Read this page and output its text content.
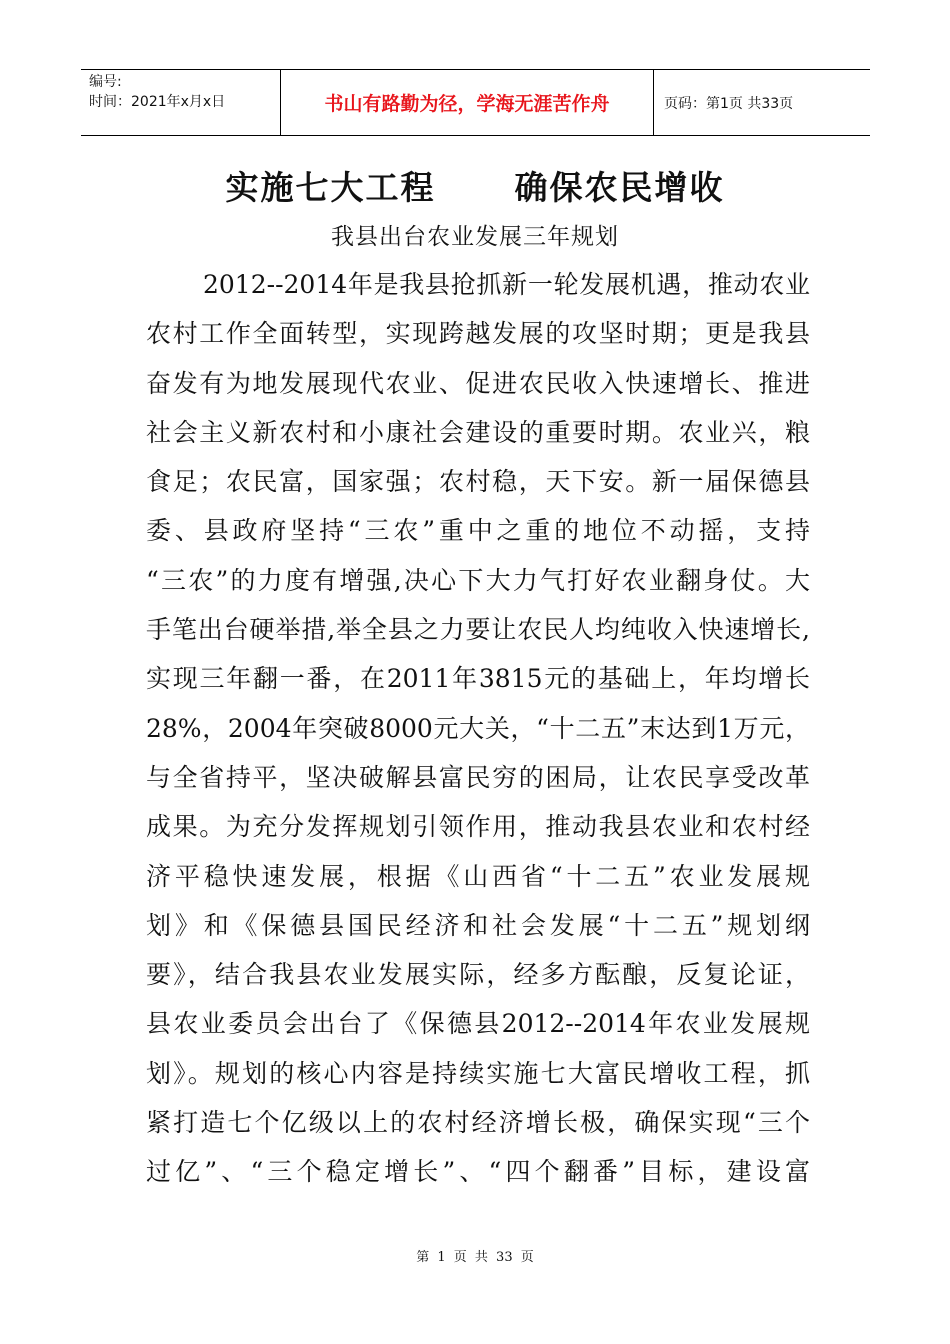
编号:
时间：2021年x月x日	书山有路勤为径，学海无涯苦作舟	页码：第1页 共33页
实施七大工程  确保农民增收
我县出台农业发展三年规划
2012--2014年是我县抢抓新一轮发展机遇，推动农业
农村工作全面转型，实现跨越发展的攻坚时期；更是我县
奋发有为地发展现代农业、促进农民收入快速增长、推进
社会主义新农村和小康社会建设的重要时期。农业兴，粮
食足；农民富，国家强；农村稳，天下安。新一届保德县
委、县政府坚持“三农”重中之重的地位不动摇，支持
“三农”的力度有增强,决心下大力气打好农业翻身仗。大
手笔出台硬举措,举全县之力要让农民人均纯收入快速增长,
实现三年翻一番，在2011年3815元的基础上，年均增长
28%，2004年突破8000元大关，“十二五”末达到1万元，
与全省持平，坚决破解县富民穷的困局，让农民享受改革
成果。为充分发挥规划引领作用，推动我县农业和农村经
济平稳快速发展，根据《山西省“十二五”农业发展规
划》和《保德县国民经济和社会发展“十二五”规划纲
要》，结合我县农业发展实际，经多方酝酿，反复论证，
县农业委员会出台了《保德县2012--2014年农业发展规
划》。规划的核心内容是持续实施七大富民增收工程，抓
紧打造七个亿级以上的农村经济增长极，确保实现“三个
过亿”、“三个稳定增长”、“四个翻番”目标，建设富
第 1 页 共 33 页
